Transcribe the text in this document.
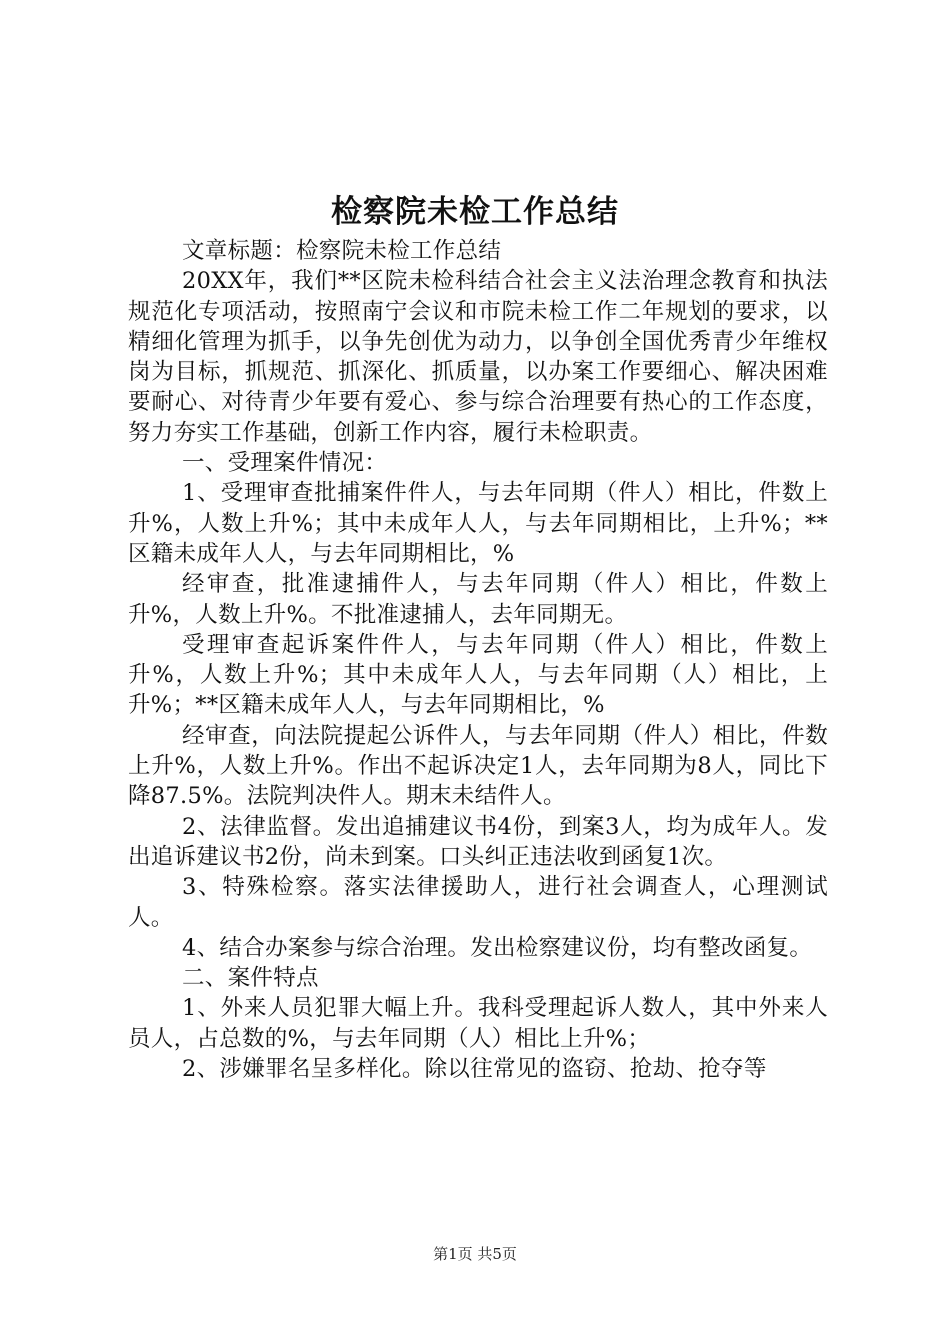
检察院未检工作总结

文章标题：检察院未检工作总结

20XX年，我们**区院未检科结合社会主义法治理念教育和执法规范化专项活动，按照南宁会议和市院未检工作二年规划的要求，以精细化管理为抓手，以争先创优为动力，以争创全国优秀青少年维权岗为目标，抓规范、抓深化、抓质量，以办案工作要细心、解决困难要耐心、对待青少年要有爱心、参与综合治理要有热心的工作态度，努力夯实工作基础，创新工作内容，履行未检职责。

一、受理案件情况：

1、受理审查批捕案件件人，与去年同期（件人）相比，件数上升%，人数上升%；其中未成年人人，与去年同期相比，上升%；**区籍未成年人人，与去年同期相比，%

经审查，批准逮捕件人，与去年同期（件人）相比，件数上升%，人数上升%。不批准逮捕人，去年同期无。

受理审查起诉案件件人，与去年同期（件人）相比，件数上升%，人数上升%；其中未成年人人，与去年同期（人）相比，上升%；**区籍未成年人人，与去年同期相比，%

经审查，向法院提起公诉件人，与去年同期（件人）相比，件数上升%，人数上升%。作出不起诉决定1人，去年同期为8人，同比下降87.5%。法院判决件人。期末未结件人。

2、法律监督。发出追捕建议书4份，到案3人，均为成年人。发出追诉建议书2份，尚未到案。口头纠正违法收到函复1次。

3、特殊检察。落实法律援助人，进行社会调查人，心理测试人。

4、结合办案参与综合治理。发出检察建议份，均有整改函复。

二、案件特点

1、外来人员犯罪大幅上升。我科受理起诉人数人，其中外来人员人，占总数的%，与去年同期（人）相比上升%；

2、涉嫌罪名呈多样化。除以往常见的盗窃、抢劫、抢夺等

第1页 共5页
